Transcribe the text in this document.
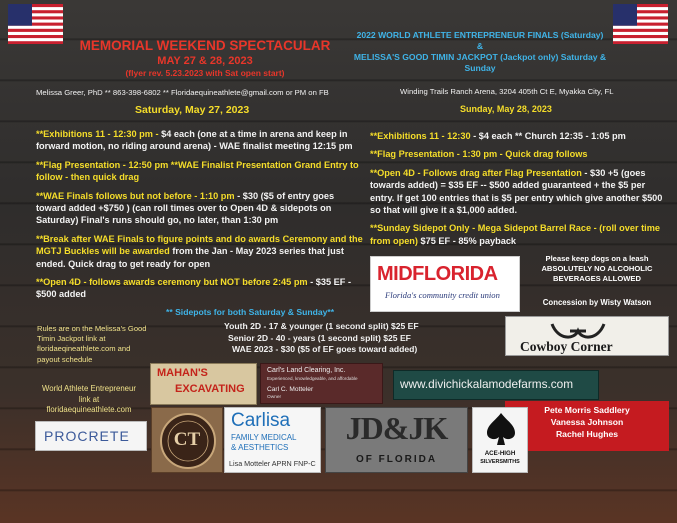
MEMORIAL WEEKEND SPECTACULAR
MAY 27 & 28, 2023
(flyer rev. 5.23.2023 with Sat open start)
2022 WORLD ATHLETE ENTREPRENEUR FINALS (Saturday)
&
MELISSA'S GOOD TIMIN JACKPOT (Jackpot only) Saturday & Sunday
Melissa Greer, PhD ** 863-398-6802 ** Floridaequineathlete@gmail.com or PM on FB	Winding Trails Ranch Arena, 3204 405th Ct E, Myakka City, FL
Saturday, May 27, 2023
**Exhibitions 11 - 12:30 pm - $4 each (one at a time in arena and keep in forward motion, no riding around arena) - WAE finalist meeting 12:15 pm
**Flag Presentation - 12:50 pm **WAE Finalist Presentation Grand Entry to follow - then quick drag
**WAE Finals follows but not before - 1:10 pm - $30 ($5 of entry goes toward added +$750 ) (can roll times over to Open 4D & sidepots on Saturday) Final's runs should go, no later, than 1:30 pm
**Break after WAE Finals to figure points and do awards Ceremony and the MGTJ Buckles will be awarded from the Jan - May 2023 series that just ended. Quick drag to get ready for open
**Open 4D - follows awards ceremony but NOT before 2:45 pm - $35 EF - $500 added
Sunday, May 28, 2023
**Exhibitions 11 - 12:30 - $4 each ** Church 12:35 - 1:05 pm
**Flag Presentation - 1:30 pm - Quick drag follows
**Open 4D - Follows drag after Flag Presentation - $30 +5 (goes towards added) = $35 EF -- $500 added guaranteed + the $5 per entry. If get 100 entries that is $5 per entry which give another $500 so that will give it a $1,000 added.
**Sunday Sidepot Only - Mega Sidepot Barrel Race - (roll over time from open) $75 EF - 85% payback
MIDFLORIDA
Florida's community credit union
Please keep dogs on a leash ABSOLUTELY NO ALCOHOLIC BEVERAGES ALLOWED
Concession by Wisty Watson
** Sidepots for both Saturday & Sunday**
Youth 2D - 17 & younger (1 second split) $25 EF
Senior 2D - 40 - years (1 second split) $25 EF
WAE 2023 - $30 ($5 of EF goes toward added)
Rules are on the Melissa's Good Timin Jackpot link at floridaeqineathlete.com and payout schedule
World Athlete Entrepreneur
link at
floridaequineathlete.com
Cowboy Corner
MAHAN'S
EXCAVATING
Carl's Land Clearing, Inc.
Experienced, knowledgeable, and affordable
Carl C. Motteler
Owner
www.divichickalamodefarms.com
Pete Morris Saddlery
Vanessa Johnson
Rachel Hughes
PROCRETE	CT
Carlisa
FAMILY MEDICAL
& AESTHETICS
Lisa Motteler APRN FNP-C
JD&JK
OF FLORIDA
ACE-HIGH
SILVERSMITHS
